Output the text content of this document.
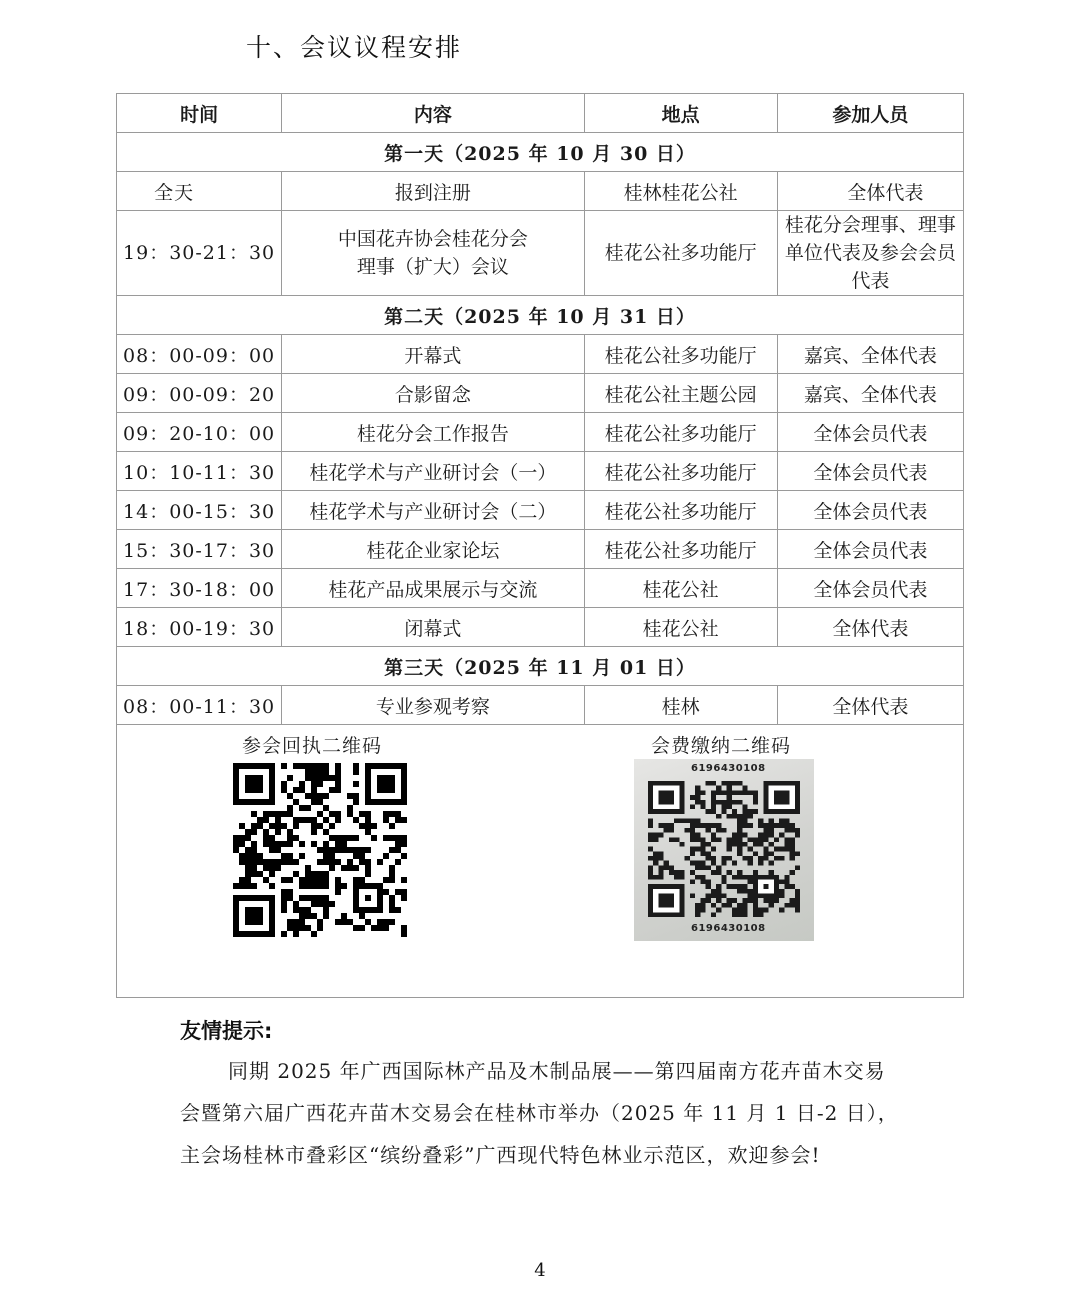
十、会议议程安排
时间	内容	地点	参加人员
第一天（2025 年 10 月 30 日）			
全天	报到注册	桂林桂花公社	全体代表
19：30-21：30	中国花卉协会桂花分会理事（扩大）会议	桂花公社多功能厅	桂花分会理事、理事单位代表及参会会员代表
第二天（2025 年 10 月 31 日）			
08：00-09：00	开幕式	桂花公社多功能厅	嘉宾、全体代表
09：00-09：20	合影留念	桂花公社主题公园	嘉宾、全体代表
09：20-10：00	桂花分会工作报告	桂花公社多功能厅	全体会员代表
10：10-11：30	桂花学术与产业研讨会（一）	桂花公社多功能厅	全体会员代表
14：00-15：30	桂花学术与产业研讨会（二）	桂花公社多功能厅	全体会员代表
15：30-17：30	桂花企业家论坛	桂花公社多功能厅	全体会员代表
17：30-18：00	桂花产品成果展示与交流	桂花公社	全体会员代表
18：00-19：30	闭幕式	桂花公社	全体代表
第三天（2025 年 11 月 01 日）			
08：00-11：30	专业参观考察	桂林	全体代表

参会回执二维码 会费缴纳二维码
6196430108
6196430108			
友情提示:
同期 2025 年广西国际林产品及木制品展——第四届南方花卉苗木交易会暨第六届广西花卉苗木交易会在桂林市举办（2025 年 11 月 1 日-2 日），主会场桂林市叠彩区“缤纷叠彩”广西现代特色林业示范区，欢迎参会!
4
